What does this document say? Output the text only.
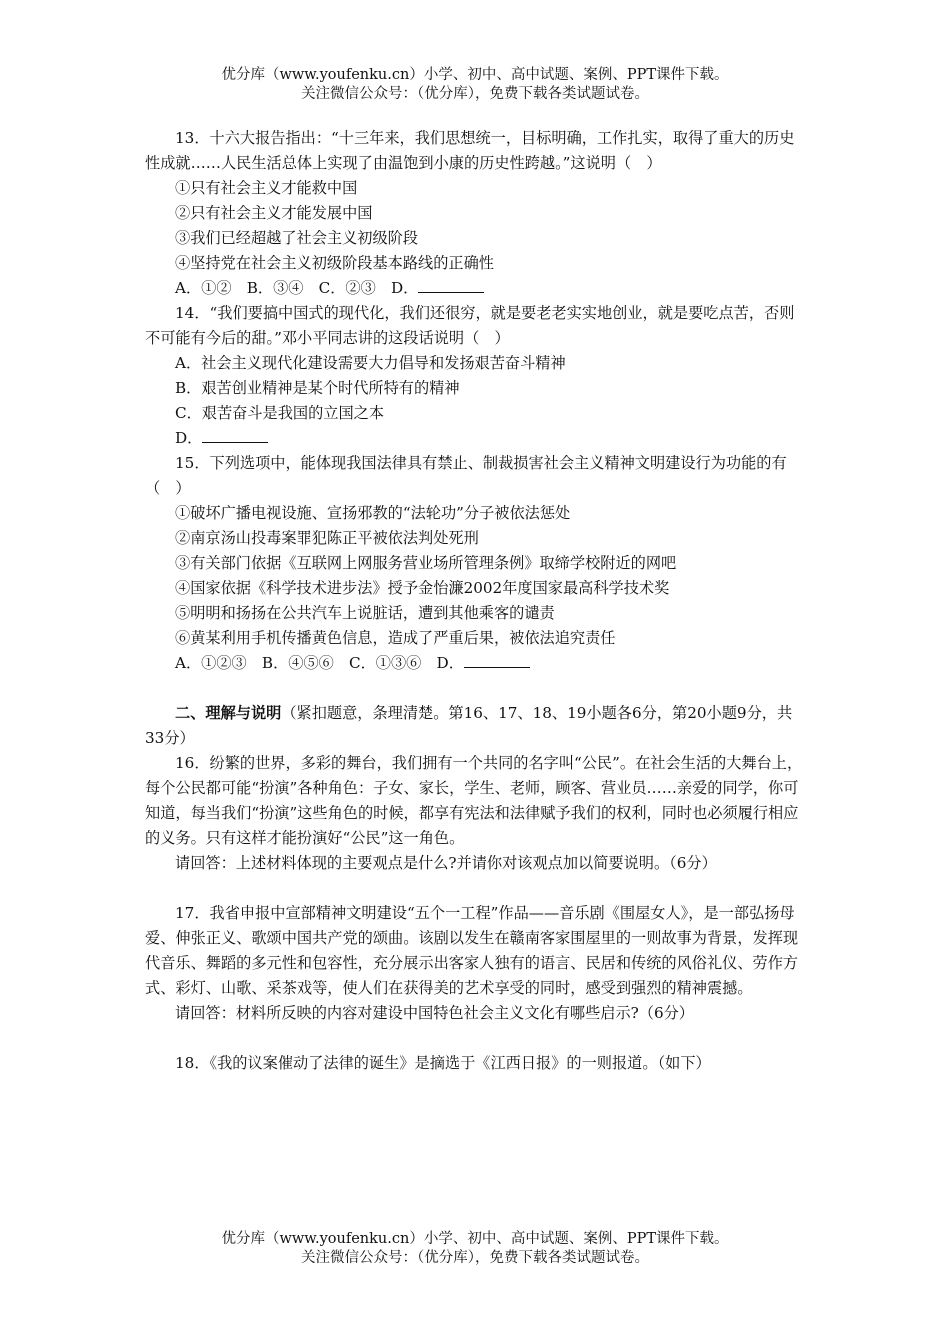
优分库（www.youfenku.cn）小学、初中、高中试题、案例、PPT课件下载。
关注微信公众号：（优分库），免费下载各类试题试卷。

13．十六大报告指出：“十三年来，我们思想统一，目标明确，工作扎实，取得了重大的历史性成就……人民生活总体上实现了由温饱到小康的历史性跨越。”这说明（　）

①只有社会主义才能救中国

②只有社会主义才能发展中国

③我们已经超越了社会主义初级阶段

④坚持党在社会主义初级阶段基本路线的正确性

A．①②　B．③④　C．②③　D．

14．“我们要搞中国式的现代化，我们还很穷，就是要老老实实地创业，就是要吃点苦，否则不可能有今后的甜。”邓小平同志讲的这段话说明（　）

A．社会主义现代化建设需要大力倡导和发扬艰苦奋斗精神

B．艰苦创业精神是某个时代所特有的精神

C．艰苦奋斗是我国的立国之本

D．

15．下列选项中，能体现我国法律具有禁止、制裁损害社会主义精神文明建设行为功能的有（　）

①破坏广播电视设施、宣扬邪教的“法轮功”分子被依法惩处

②南京汤山投毒案罪犯陈正平被依法判处死刑

③有关部门依据《互联网上网服务营业场所管理条例》取缔学校附近的网吧

④国家依据《科学技术进步法》授予金怡濂2002年度国家最高科学技术奖

⑤明明和扬扬在公共汽车上说脏话，遭到其他乘客的谴责

⑥黄某利用手机传播黄色信息，造成了严重后果，被依法追究责任

A．①②③　B．④⑤⑥　C．①③⑥　D．

二、理解与说明（紧扣题意，条理清楚。第16、17、18、19小题各6分，第20小题9分，共33分）

16．纷繁的世界，多彩的舞台，我们拥有一个共同的名字叫“公民”。在社会生活的大舞台上，每个公民都可能“扮演”各种角色：子女、家长，学生、老师，顾客、营业员……亲爱的同学，你可知道，每当我们“扮演”这些角色的时候，都享有宪法和法律赋予我们的权利，同时也必须履行相应的义务。只有这样才能扮演好“公民”这一角色。

请回答：上述材料体现的主要观点是什么?并请你对该观点加以简要说明。（6分）

17．我省申报中宣部精神文明建设“五个一工程”作品——音乐剧《围屋女人》，是一部弘扬母爱、伸张正义、歌颂中国共产党的颂曲。该剧以发生在赣南客家围屋里的一则故事为背景，发挥现代音乐、舞蹈的多元性和包容性，充分展示出客家人独有的语言、民居和传统的风俗礼仪、劳作方式、彩灯、山歌、采茶戏等，使人们在获得美的艺术享受的同时，感受到强烈的精神震撼。

请回答：材料所反映的内容对建设中国特色社会主义文化有哪些启示?（6分）

18．《我的议案催动了法律的诞生》是摘选于《江西日报》的一则报道。（如下）

优分库（www.youfenku.cn）小学、初中、高中试题、案例、PPT课件下载。
关注微信公众号：（优分库），免费下载各类试题试卷。
